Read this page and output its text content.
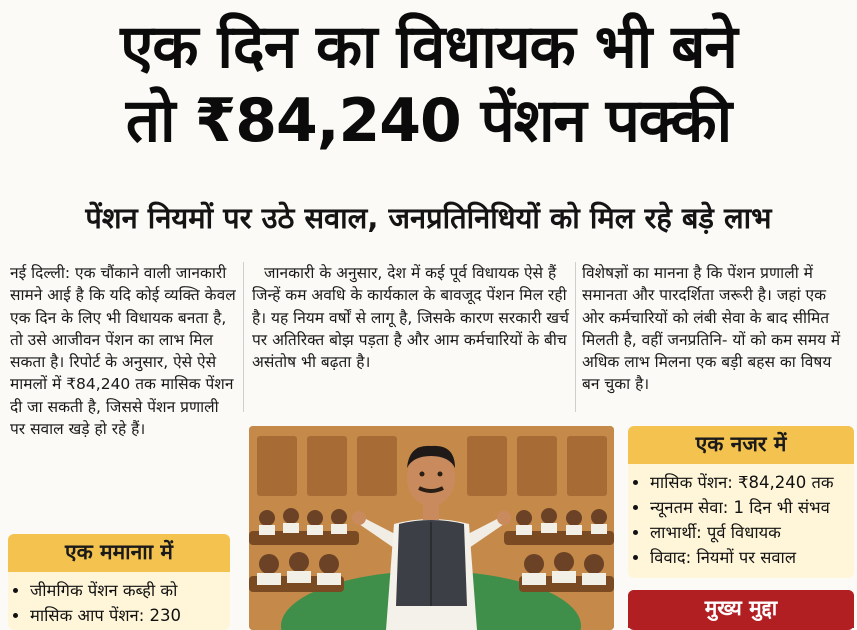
एक दिन का विधायक भी बने
तो ₹84,240 पेंशन पक्की
पेंशन नियमों पर उठे सवाल, जनप्रतिनिधियों को मिल रहे बड़े लाभ

नई दिल्ली: एक चौंकाने वाली जानकारी सामने आई है कि यदि कोई व्यक्ति केवल एक दिन के लिए भी विधायक बनता है, तो उसे आजीवन पेंशन का लाभ मिल सकता है। रिपोर्ट के अनुसार, ऐसे ऐसे मामलों में ₹84,240 तक मासिक पेंशन दी जा सकती है, जिससे पेंशन प्रणाली पर सवाल खड़े हो रहे हैं।

जानकारी के अनुसार, देश में कई पूर्व विधायक ऐसे हैं जिन्हें कम अवधि के कार्यकाल के बावजूद पेंशन मिल रही है। यह नियम वर्षों से लागू है, जिसके कारण सरकारी खर्च पर अतिरिक्त बोझ पड़ता है और आम कर्मचारियों के बीच असंतोष भी बढ़ता है।

विशेषज्ञों का मानना है कि पेंशन प्रणाली में समानता और पारदर्शिता जरूरी है। जहां एक ओर कर्मचारियों को लंबी सेवा के बाद सीमित मिलती है, वहीं जनप्रतिनि- यों को कम समय में अधिक लाभ मिलना एक बड़ी बहस का विषय बन चुका है।

एक ममानाा में
• जीमगिक पेंशन कब्ही को
• मासिक आप पेंशन: 230
एक नजर में
• मासिक पेंशन: ₹84,240 तक
• न्यूनतम सेवा: 1 दिन भी संभव
• लाभार्थी: पूर्व विधायक
• विवाद: नियमों पर सवाल
मुख्य मुद्दा
